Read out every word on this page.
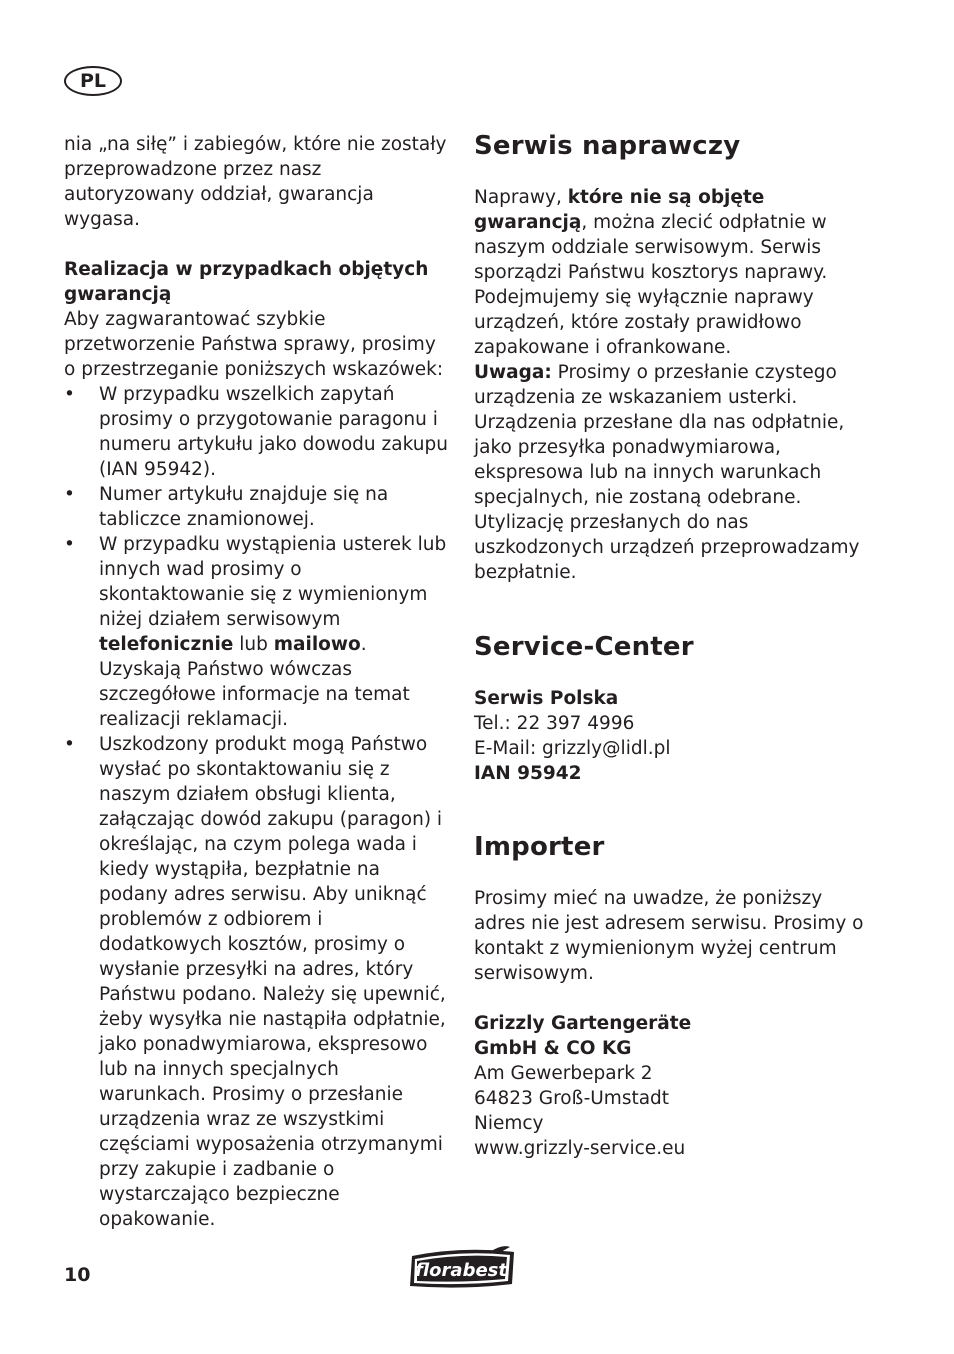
PL

nia „na siłę” i zabiegów, które nie zostały przeprowadzone przez nasz autoryzowany oddział, gwarancja wygasa.

Realizacja w przypadkach objętych gwarancją

Aby zagwarantować szybkie przetworzenie Państwa sprawy, prosimy o przestrzeganie poniższych wskazówek:

• W przypadku wszelkich zapytań prosimy o przygotowanie paragonu i numeru artykułu jako dowodu zakupu (IAN 95942).
• Numer artykułu znajduje się na tabliczce znamionowej.
• W przypadku wystąpienia usterek lub innych wad prosimy o skontaktowanie się z wymienionym niżej działem serwisowym telefonicznie lub mailowo. Uzyskają Państwo wówczas szczegółowe informacje na temat realizacji reklamacji.
• Uszkodzony produkt mogą Państwo wysłać po skontaktowaniu się z naszym działem obsługi klienta, załączając dowód zakupu (paragon) i określając, na czym polega wada i kiedy wystąpiła, bezpłatnie na podany adres serwisu. Aby uniknąć problemów z odbiorem i dodatkowych kosztów, prosimy o wysłanie przesyłki na adres, który Państwu podano. Należy się upewnić, żeby wysyłka nie nastąpiła odpłatnie, jako ponadwymiarowa, ekspresowo lub na innych specjalnych warunkach. Prosimy o przesłanie urządzenia wraz ze wszystkimi częściami wyposażenia otrzymanymi przy zakupie i zadbanie o wystarczająco bezpieczne opakowanie.
Serwis naprawczy

Naprawy, które nie są objęte gwarancją, można zlecić odpłatnie w naszym oddziale serwisowym. Serwis sporządzi Państwu kosztorys naprawy.

Podejmujemy się wyłącznie naprawy urządzeń, które zostały prawidłowo zapakowane i ofrankowane.

Uwaga: Prosimy o przesłanie czystego urządzenia ze wskazaniem usterki. Urządzenia przesłane dla nas odpłatnie, jako przesyłka ponadwymiarowa, ekspresowa lub na innych warunkach specjalnych, nie zostaną odebrane.

Utylizację przesłanych do nas uszkodzonych urządzeń przeprowadzamy bezpłatnie.

Service-Center

Serwis Polska

Tel.: 22 397 4996

E-Mail: grizzly@lidl.pl

IAN 95942

Importer

Prosimy mieć na uwadze, że poniższy adres nie jest adresem serwisu. Prosimy o kontakt z wymienionym wyżej centrum serwisowym.

Grizzly Gartengeräte

GmbH & CO KG

Am Gewerbepark 2

64823 Groß-Umstadt

Niemcy

www.grizzly-service.eu

10	florabest
